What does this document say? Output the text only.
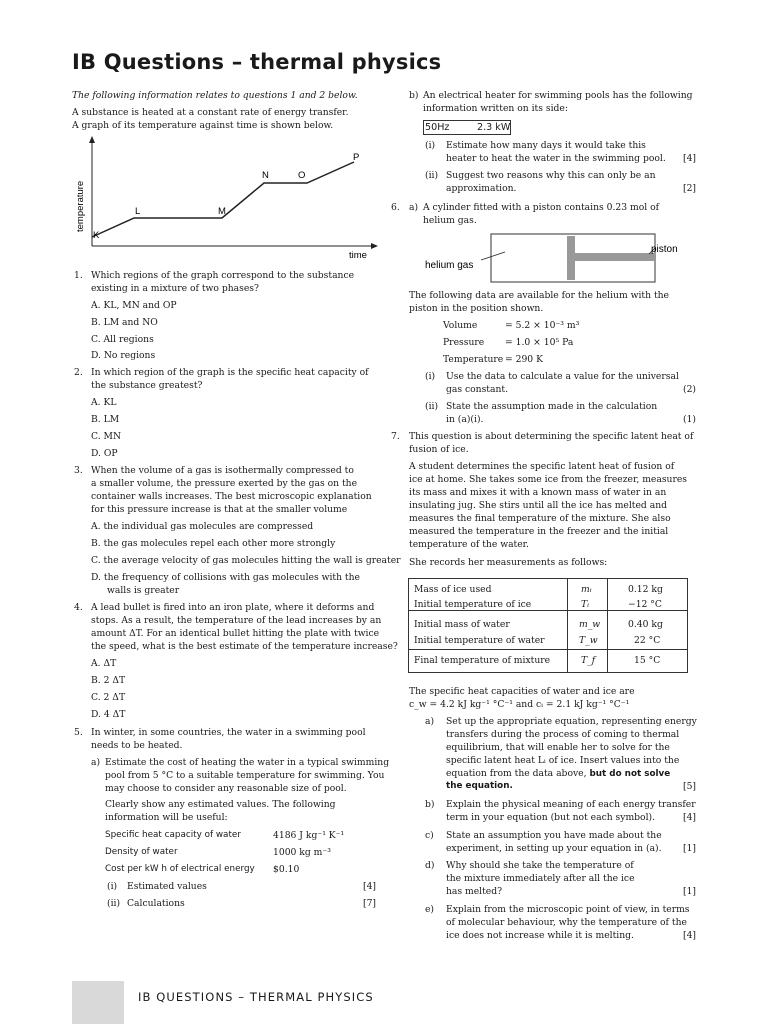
IB Questions – thermal physics
The following information relates to questions 1 and 2 below.
A substance is heated at a constant rate of energy transfer.
A graph of its temperature against time is shown below.
temperature
time
K
L	M
N	O
P
1. Which regions of the graph correspond to the substance
existing in a mixture of two phases?
A. KL, MN and OP
B. LM and NO
C. All regions
D. No regions
2. In which region of the graph is the specific heat capacity of
the substance greatest?
A. KL
B. LM
C. MN
D. OP
3. When the volume of a gas is isothermally compressed to
a smaller volume, the pressure exerted by the gas on the
container walls increases. The best microscopic explanation
for this pressure increase is that at the smaller volume
A. the individual gas molecules are compressed
B. the gas molecules repel each other more strongly
C. the average velocity of gas molecules hitting the wall is greater
D. the frequency of collisions with gas molecules with the
walls is greater
4. A lead bullet is fired into an iron plate, where it deforms and
stops. As a result, the temperature of the lead increases by an
amount ΔT. For an identical bullet hitting the plate with twice
the speed, what is the best estimate of the temperature increase?
A. ΔT
B. 2 ΔT
C. 2 ΔT
D. 4 ΔT
5. In winter, in some countries, the water in a swimming pool
needs to be heated.
a) Estimate the cost of heating the water in a typical swimming
pool from 5 °C to a suitable temperature for swimming. You
may choose to consider any reasonable size of pool.
Clearly show any estimated values. The following
information will be useful:
Specific heat capacity of water	4186 J kg⁻¹ K⁻¹
Density of water	1000 kg m⁻³
Cost per kW h of electrical energy $0.10
(i) Estimated values	[4]
(ii) Calculations	[7]
b) An electrical heater for swimming pools has the following
information written on its side:
50Hz	2.3 kW
(i) Estimate how many days it would take this
heater to heat the water in the swimming pool.	[4]
(ii) Suggest two reasons why this can only be an
approximation.	[2]
6. a) A cylinder fitted with a piston contains 0.23 mol of
helium gas.
piston
helium gas
The following data are available for the helium with the
piston in the position shown.
Volume	= 5.2 × 10⁻³ m³
Pressure = 1.0 × 10⁵ Pa
Temperature = 290 K
(i) Use the data to calculate a value for the universal
gas constant.	(2)
(ii) State the assumption made in the calculation
in (a)(i).	(1)
7. This question is about determining the specific latent heat of
fusion of ice.
A student determines the specific latent heat of fusion of
ice at home. She takes some ice from the freezer, measures
its mass and mixes it with a known mass of water in an
insulating jug. She stirs until all the ice has melted and
measures the final temperature of the mixture. She also
measured the temperature in the freezer and the initial
temperature of the water.
She records her measurements as follows:
Mass of ice used	mᵢ	0.12 kg
Initial temperature of ice	Tᵢ	−12 °C
Initial mass of water	m_w	0.40 kg
Initial temperature of water	T_w	22 °C
Final temperature of mixture	T_f	15 °C
The specific heat capacities of water and ice are
c_w = 4.2 kJ kg⁻¹ °C⁻¹ and cᵢ = 2.1 kJ kg⁻¹ °C⁻¹
a) Set up the appropriate equation, representing energy
transfers during the process of coming to thermal
equilibrium, that will enable her to solve for the
specific latent heat Lᵢ of ice. Insert values into the
equation from the data above, but do not solve
the equation.	[5]
b) Explain the physical meaning of each energy transfer
term in your equation (but not each symbol).	[4]
c) State an assumption you have made about the
experiment, in setting up your equation in (a).	[1]
d) Why should she take the temperature of
the mixture immediately after all the ice
has melted?	[1]
e) Explain from the microscopic point of view, in terms
of molecular behaviour, why the temperature of the
ice does not increase while it is melting.	[4]
IB QUESTIONS – THERMAL PHYSICS
